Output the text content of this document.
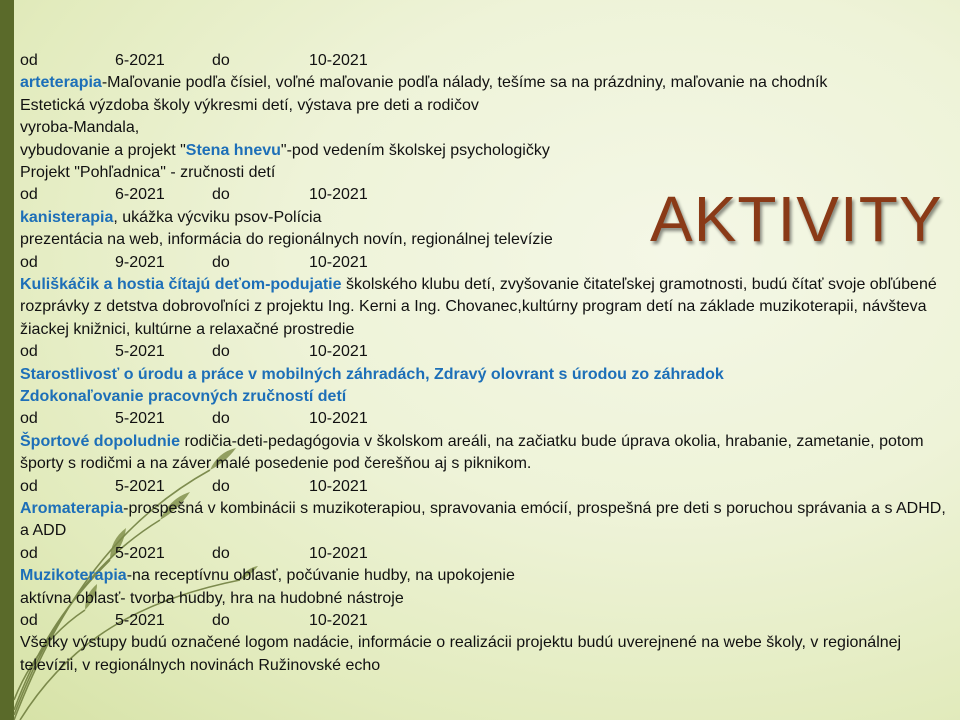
AKTIVITY
od	6-2021	do	10-2021
arteterapia-Maľovanie podľa čísiel, voľné maľovanie podľa nálady, tešíme sa na prázdniny, maľovanie na chodník
Estetická výzdoba školy výkresmi detí, výstava pre deti a rodičov
vyroba-Mandala,
vybudovanie a projekt "Stena hnevu"-pod vedením školskej psychologičky
Projekt "Pohľadnica" - zručnosti detí
od	6-2021	do	10-2021
kanisterapia, ukážka výcviku psov-Polícia
prezentácia na web, informácia do regionálnych novín, regionálnej televízie
od	9-2021	do	10-2021
Kuliškáčik a hostia čítajú deťom-podujatie školského klubu detí, zvyšovanie čitateľskej gramotnosti, budú čítať svoje obľúbené rozprávky z detstva dobrovoľníci z projektu Ing. Kerni a Ing. Chovanec,kultúrny program detí na základe muzikoterapii, návšteva žiackej knižnici, kultúrne a relaxačné prostredie
od	5-2021	do	10-2021
Starostlivosť o úrodu a práce v mobilných záhradách, Zdravý olovrant s úrodou zo záhradok
Zdokonaľovanie pracovných zručností detí
od	5-2021	do	10-2021
Športové dopoludnie rodičia-deti-pedagógovia v školskom areáli, na začiatku bude úprava okolia, hrabanie, zametanie, potom športy s rodičmi a na záver malé posedenie pod čerešňou aj s piknikom.
od	5-2021	do	10-2021
Aromaterapia-prospešná v kombinácii s muzikoterapiou, spravovania emócií, prospešná pre deti s poruchou správania a s ADHD, a ADD
od	5-2021	do	10-2021
Muzikoterapia-na receptívnu oblasť, počúvanie hudby, na upokojenie
aktívna oblasť- tvorba hudby, hra na hudobné nástroje
od	5-2021	do	10-2021
Všetky výstupy budú označené logom nadácie, informácie o realizácii projektu budú uverejnené na webe školy, v regionálnej televízii, v regionálnych novinách Ružinovské echo
